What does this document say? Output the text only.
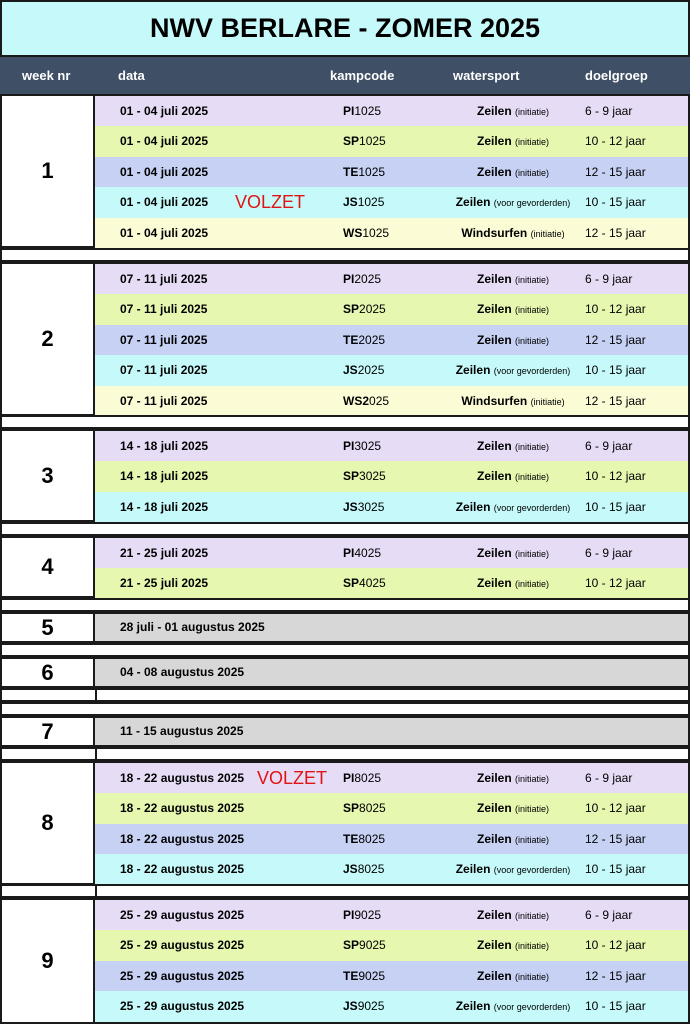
NWV BERLARE - ZOMER 2025
week nr	data	kampcode	watersport	doelgroep
1
01 - 04 juli 2025	PI1025	Zeilen (initiatie)	6 - 9 jaar
01 - 04 juli 2025	SP1025	Zeilen (initiatie)	10 - 12 jaar
01 - 04 juli 2025	TE1025	Zeilen (initiatie)	12 - 15 jaar
01 - 04 juli 2025	JS1025	Zeilen (voor gevorderden)	10 - 15 jaar
VOLZET
01 - 04 juli 2025	WS1025	Windsurfen (initiatie)	12 - 15 jaar
2
07 - 11 juli 2025	PI2025	Zeilen (initiatie)	6 - 9 jaar
07 - 11 juli 2025	SP2025	Zeilen (initiatie)	10 - 12 jaar
07 - 11 juli 2025	TE2025	Zeilen (initiatie)	12 - 15 jaar
07 - 11 juli 2025	JS2025	Zeilen (voor gevorderden)	10 - 15 jaar
07 - 11 juli 2025	WS2025	Windsurfen (initiatie)	12 - 15 jaar
3
14 - 18 juli 2025	PI3025	Zeilen (initiatie)	6 - 9 jaar
14 - 18 juli 2025	SP3025	Zeilen (initiatie)	10 - 12 jaar
14 - 18 juli 2025	JS3025	Zeilen (voor gevorderden)	10 - 15 jaar
4
21 - 25 juli 2025	PI4025	Zeilen (initiatie)	6 - 9 jaar
21 - 25 juli 2025	SP4025	Zeilen (initiatie)	10 - 12 jaar
5	28 juli - 01 augustus 2025
6	04 - 08 augustus 2025
7	11 - 15 augustus 2025
8
18 - 22 augustus 2025	PI8025	Zeilen (initiatie)	6 - 9 jaar
VOLZET
18 - 22 augustus 2025	SP8025	Zeilen (initiatie)	10 - 12 jaar
18 - 22 augustus 2025	TE8025	Zeilen (initiatie)	12 - 15 jaar
18 - 22 augustus 2025	JS8025	Zeilen (voor gevorderden)	10 - 15 jaar
9
25 - 29 augustus 2025	PI9025	Zeilen (initiatie)	6 - 9 jaar
25 - 29 augustus 2025	SP9025	Zeilen (initiatie)	10 - 12 jaar
25 - 29 augustus 2025	TE9025	Zeilen (initiatie)	12 - 15 jaar
25 - 29 augustus 2025	JS9025	Zeilen (voor gevorderden)	10 - 15 jaar
